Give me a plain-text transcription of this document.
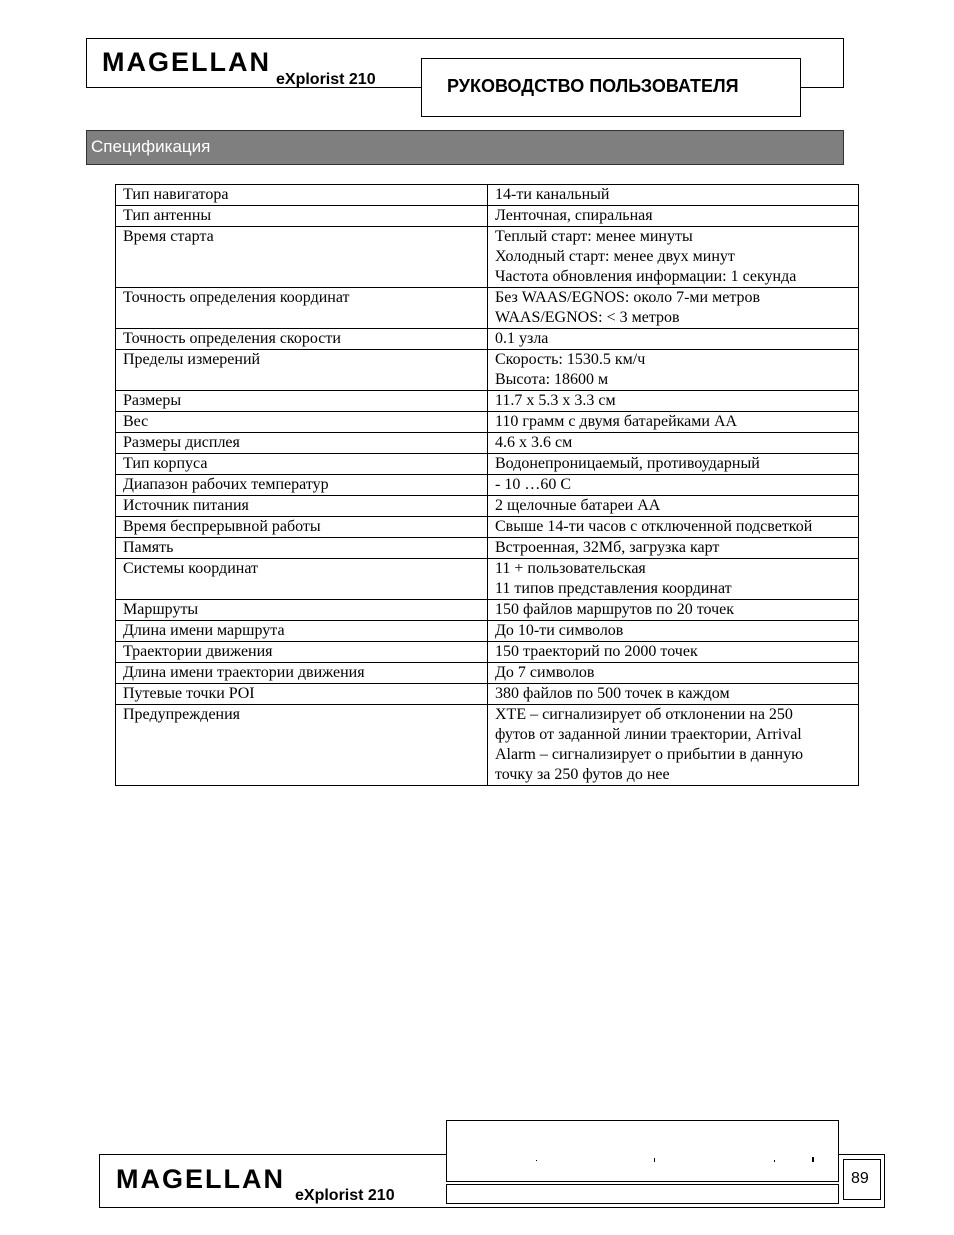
MAGELLAN
eXplorist 210	РУКОВОДСТВО ПОЛЬЗОВАТЕЛЯ
Спецификация
Тип навигатора	14-ти канальный

Тип антенны	Ленточная, спиральная

Время старта	Теплый старт: менее минуты
Холодный старт: менее двух минут
Частота обновления информации: 1 секунда

Точность определения координат	Без WAAS/EGNOS: около 7-ми метров
WAAS/EGNOS: < 3 метров

Точность определения скорости	0.1 узла

Пределы измерений	Скорость: 1530.5 км/ч
Высота: 18600 м

Размеры	11.7 x 5.3 x 3.3 см

Вес	110 грамм с двумя батарейками АА

Размеры дисплея	4.6 x 3.6 см

Тип корпуса	Водонепроницаемый, противоударный

Диапазон рабочих температур	- 10 …60 С

Источник питания	2 щелочные батареи АА

Время беспрерывной работы	Свыше 14-ти часов с отключенной подсветкой

Память	Встроенная, 32Мб, загрузка карт

Системы координат	11 + пользовательская
11 типов представления координат

Маршруты	150 файлов маршрутов по 20 точек

Длина имени маршрута	До 10-ти символов

Траектории движения	150 траекторий по 2000 точек

Длина имени траектории движения	До 7 символов

Путевые точки POI	380 файлов по 500 точек в каждом

Предупреждения	XTE – сигнализирует об отклонении на 250
футов от заданной линии траектории, Arrival
Alarm – сигнализирует о прибытии в данную
точку за 250 футов до нее
MAGELLAN
eXplorist 210
89
